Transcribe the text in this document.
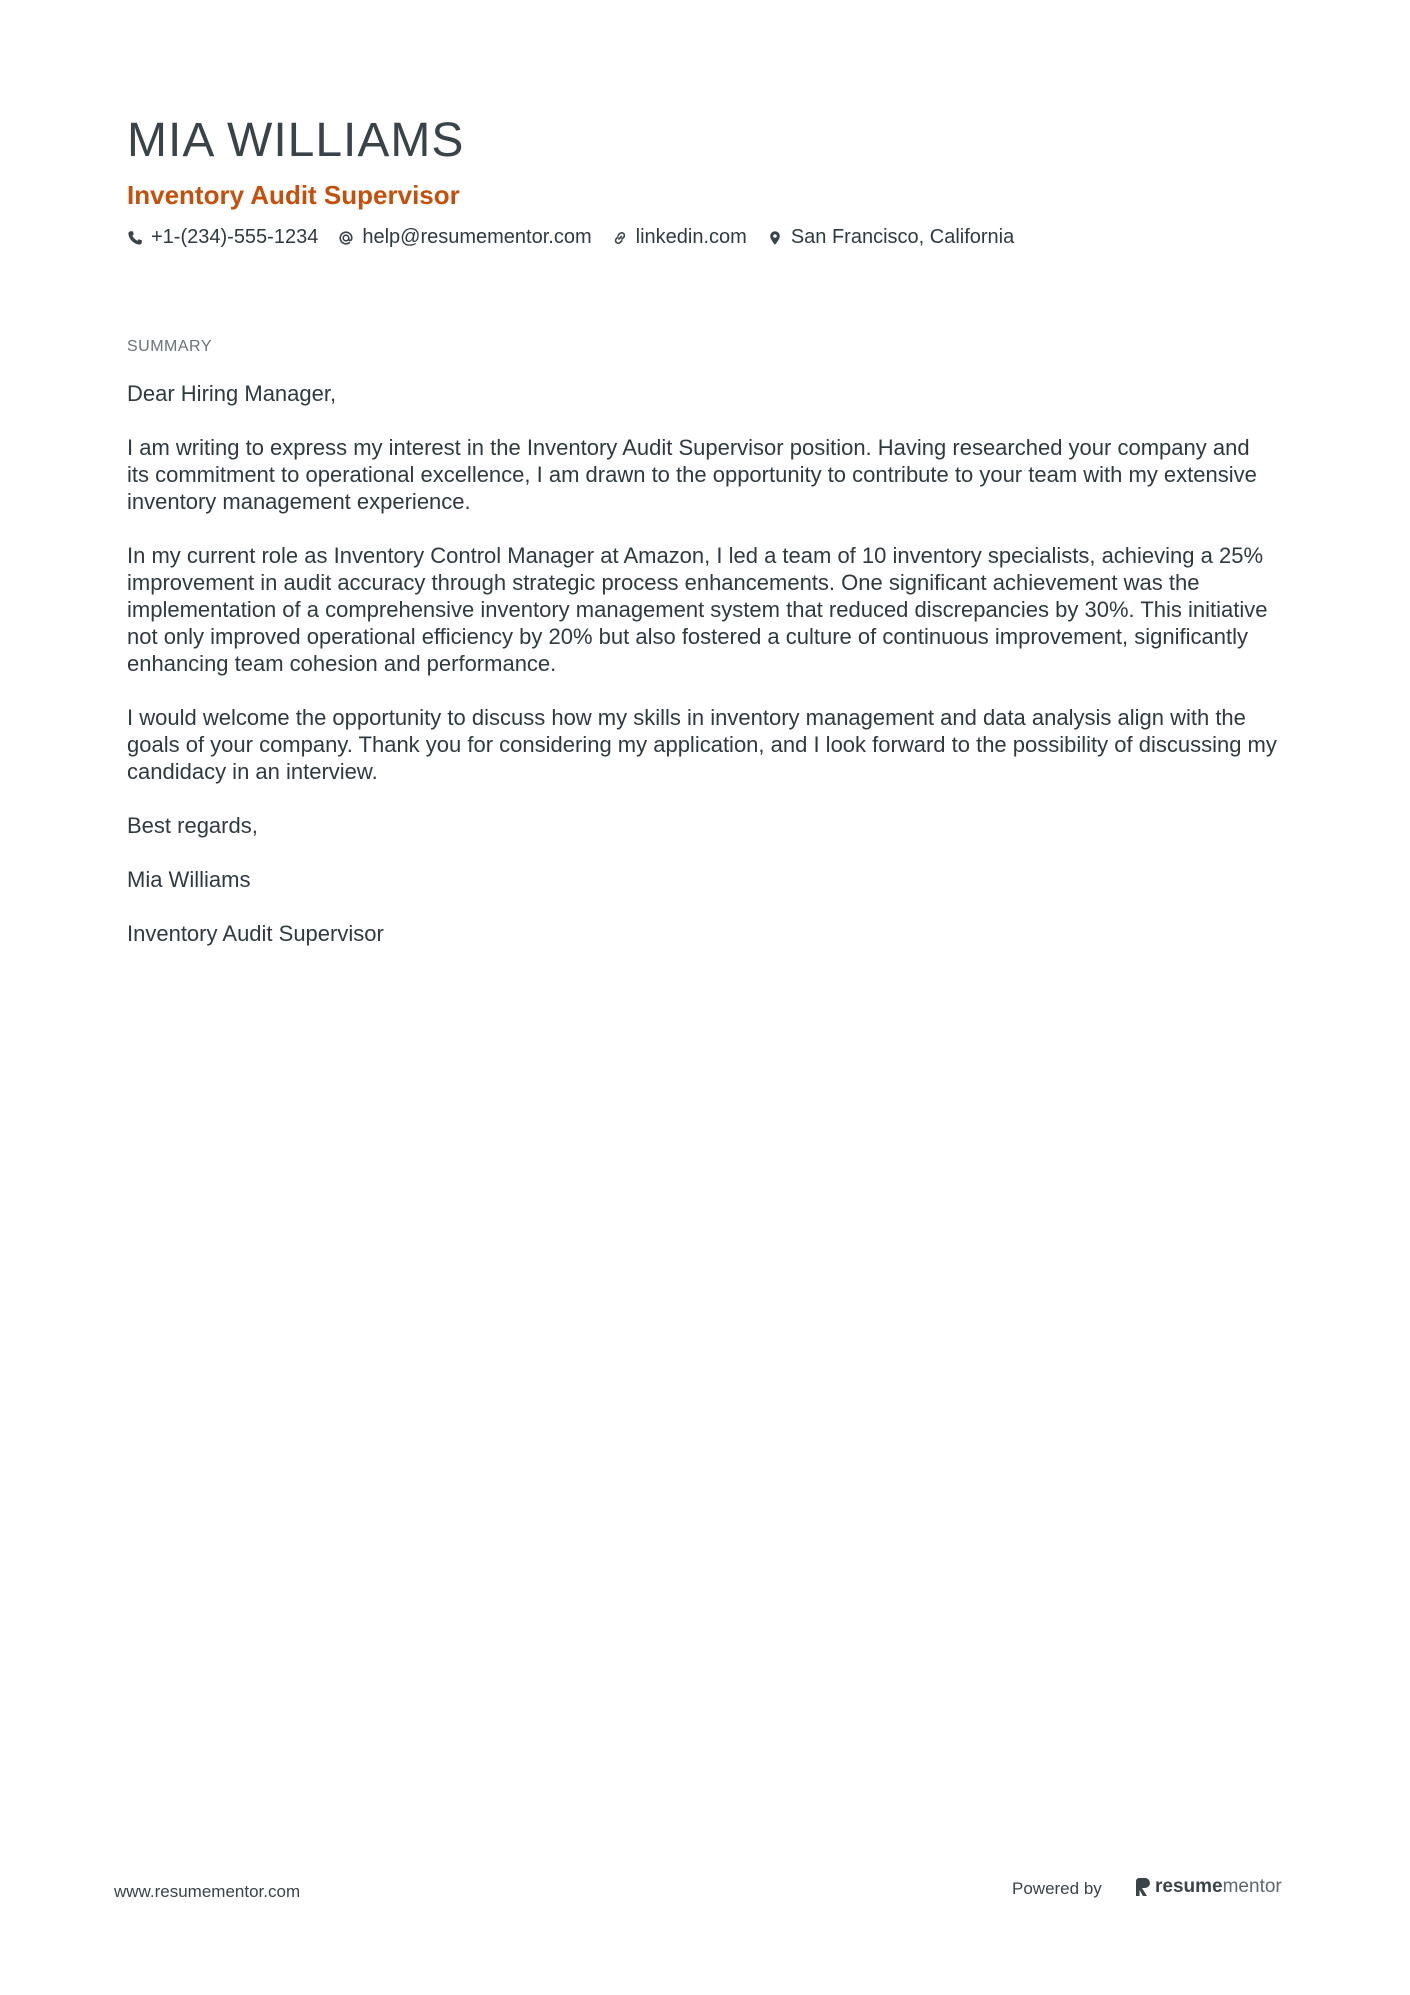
MIA WILLIAMS
Inventory Audit Supervisor
+1-(234)-555-1234 help@resumementor.com linkedin.com San Francisco, California
SUMMARY

Dear Hiring Manager,

I am writing to express my interest in the Inventory Audit Supervisor position. Having researched your company and its commitment to operational excellence, I am drawn to the opportunity to contribute to your team with my extensive inventory management experience.

In my current role as Inventory Control Manager at Amazon, I led a team of 10 inventory specialists, achieving a 25% improvement in audit accuracy through strategic process enhancements. One significant achievement was the implementation of a comprehensive inventory management system that reduced discrepancies by 30%. This initiative not only improved operational efficiency by 20% but also fostered a culture of continuous improvement, significantly enhancing team cohesion and performance.

I would welcome the opportunity to discuss how my skills in inventory management and data analysis align with the goals of your company. Thank you for considering my application, and I look forward to the possibility of discussing my candidacy in an interview.

Best regards,

Mia Williams

Inventory Audit Supervisor

www.resumementor.com	Powered by	resumementor
